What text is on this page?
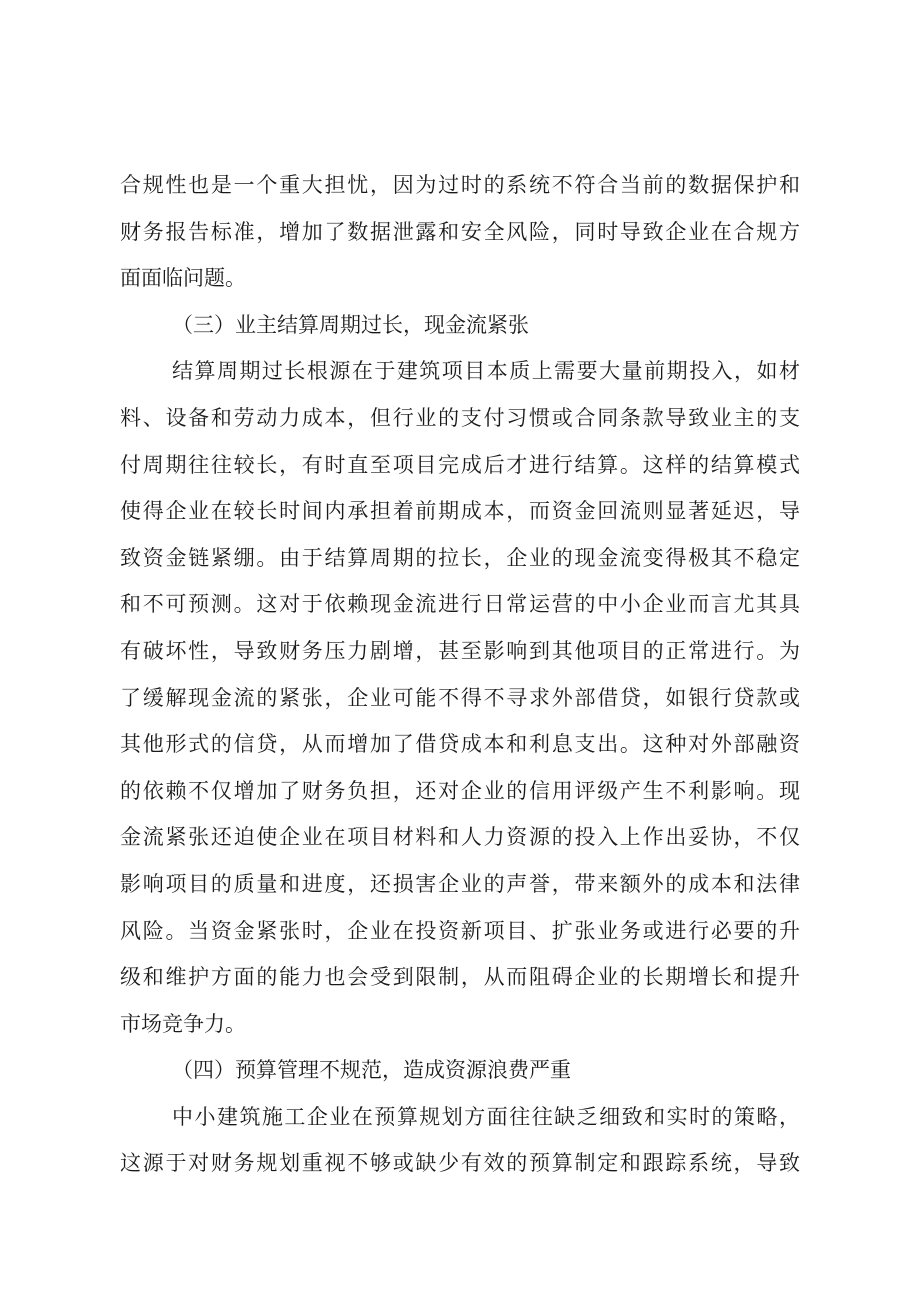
合规性也是一个重大担忧，因为过时的系统不符合当前的数据保护和
财务报告标准，增加了数据泄露和安全风险，同时导致企业在合规方
面面临问题。
（三）业主结算周期过长，现金流紧张
结算周期过长根源在于建筑项目本质上需要大量前期投入，如材
料、设备和劳动力成本，但行业的支付习惯或合同条款导致业主的支
付周期往往较长，有时直至项目完成后才进行结算。这样的结算模式
使得企业在较长时间内承担着前期成本，而资金回流则显著延迟，导
致资金链紧绷。由于结算周期的拉长，企业的现金流变得极其不稳定
和不可预测。这对于依赖现金流进行日常运营的中小企业而言尤其具
有破坏性，导致财务压力剧增，甚至影响到其他项目的正常进行。为
了缓解现金流的紧张，企业可能不得不寻求外部借贷，如银行贷款或
其他形式的信贷，从而增加了借贷成本和利息支出。这种对外部融资
的依赖不仅增加了财务负担，还对企业的信用评级产生不利影响。现
金流紧张还迫使企业在项目材料和人力资源的投入上作出妥协，不仅
影响项目的质量和进度，还损害企业的声誉，带来额外的成本和法律
风险。当资金紧张时，企业在投资新项目、扩张业务或进行必要的升
级和维护方面的能力也会受到限制，从而阻碍企业的长期增长和提升
市场竞争力。
（四）预算管理不规范，造成资源浪费严重
中小建筑施工企业在预算规划方面往往缺乏细致和实时的策略，
这源于对财务规划重视不够或缺少有效的预算制定和跟踪系统，导致
